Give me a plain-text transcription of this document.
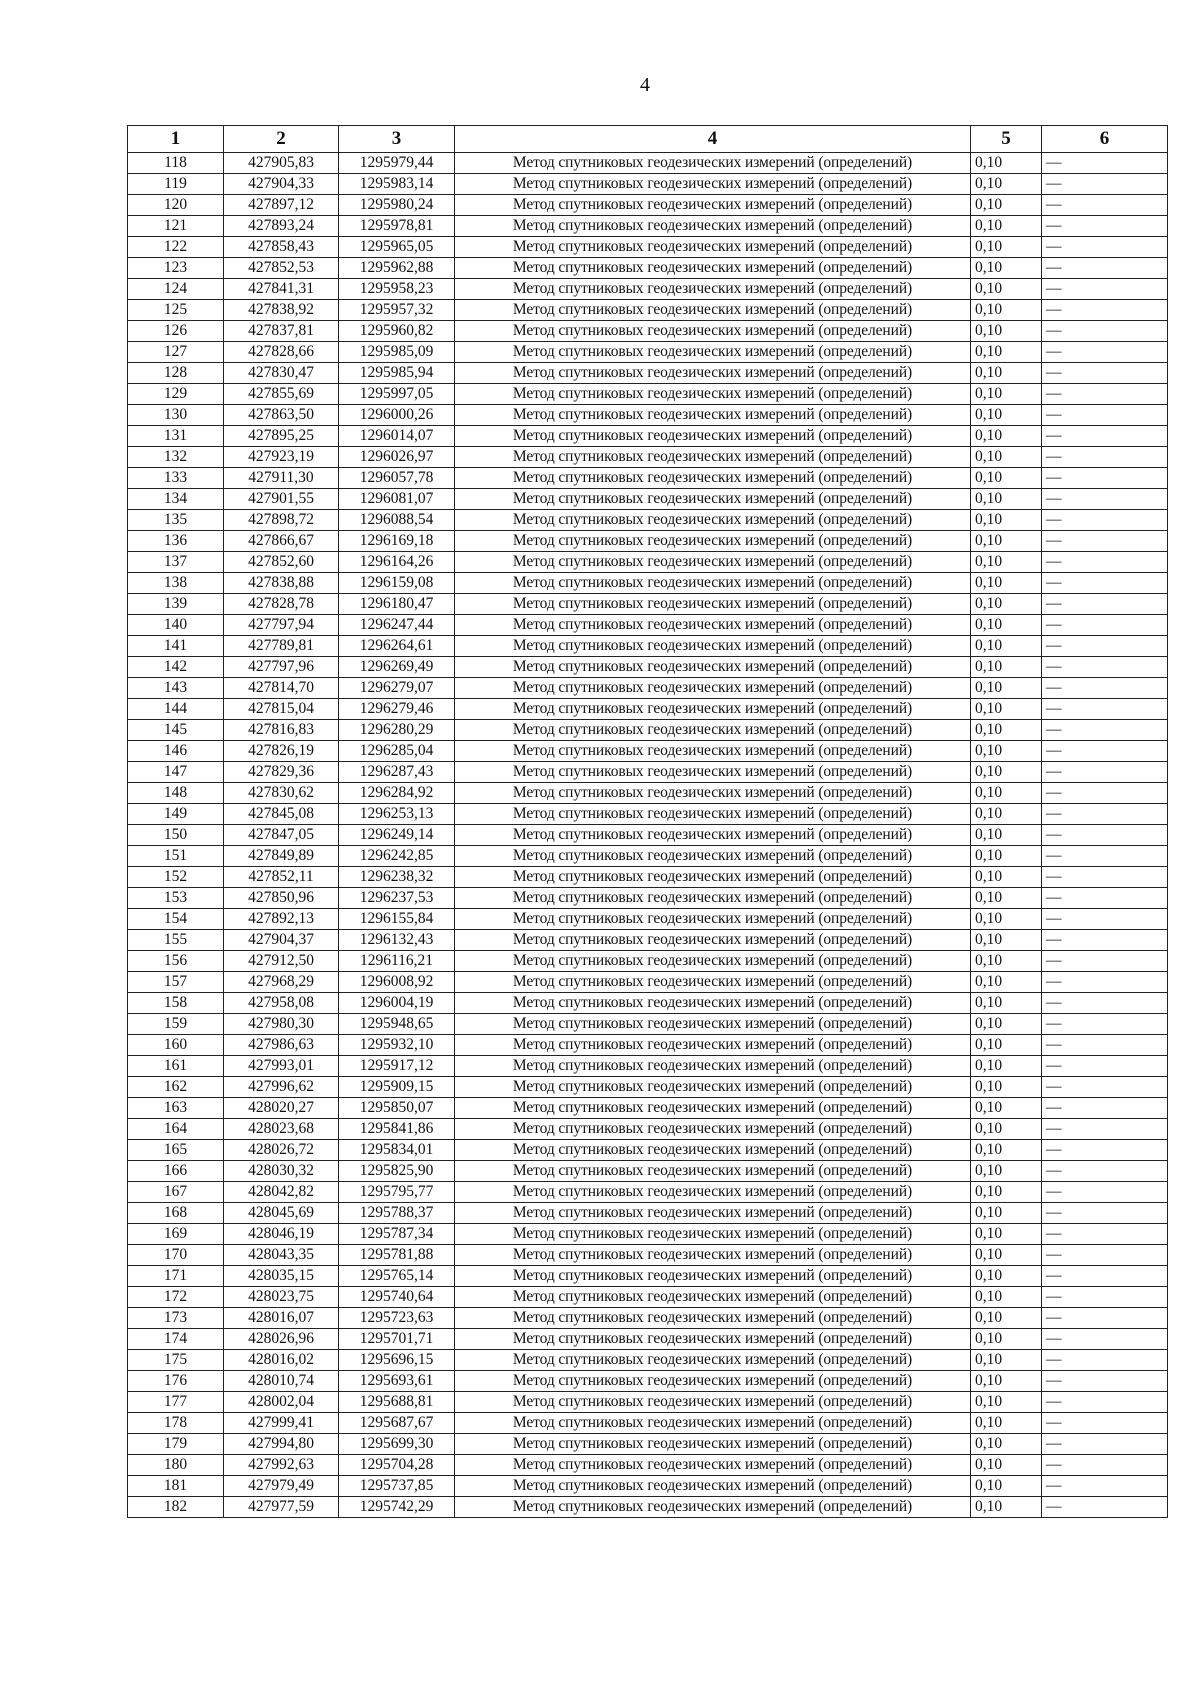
4
1	2	3	4	5	6
118	427905,83	1295979,44	Метод спутниковых геодезических измерений (определений)	0,10	—
119	427904,33	1295983,14	Метод спутниковых геодезических измерений (определений)	0,10	—
120	427897,12	1295980,24	Метод спутниковых геодезических измерений (определений)	0,10	—
121	427893,24	1295978,81	Метод спутниковых геодезических измерений (определений)	0,10	—
122	427858,43	1295965,05	Метод спутниковых геодезических измерений (определений)	0,10	—
123	427852,53	1295962,88	Метод спутниковых геодезических измерений (определений)	0,10	—
124	427841,31	1295958,23	Метод спутниковых геодезических измерений (определений)	0,10	—
125	427838,92	1295957,32	Метод спутниковых геодезических измерений (определений)	0,10	—
126	427837,81	1295960,82	Метод спутниковых геодезических измерений (определений)	0,10	—
127	427828,66	1295985,09	Метод спутниковых геодезических измерений (определений)	0,10	—
128	427830,47	1295985,94	Метод спутниковых геодезических измерений (определений)	0,10	—
129	427855,69	1295997,05	Метод спутниковых геодезических измерений (определений)	0,10	—
130	427863,50	1296000,26	Метод спутниковых геодезических измерений (определений)	0,10	—
131	427895,25	1296014,07	Метод спутниковых геодезических измерений (определений)	0,10	—
132	427923,19	1296026,97	Метод спутниковых геодезических измерений (определений)	0,10	—
133	427911,30	1296057,78	Метод спутниковых геодезических измерений (определений)	0,10	—
134	427901,55	1296081,07	Метод спутниковых геодезических измерений (определений)	0,10	—
135	427898,72	1296088,54	Метод спутниковых геодезических измерений (определений)	0,10	—
136	427866,67	1296169,18	Метод спутниковых геодезических измерений (определений)	0,10	—
137	427852,60	1296164,26	Метод спутниковых геодезических измерений (определений)	0,10	—
138	427838,88	1296159,08	Метод спутниковых геодезических измерений (определений)	0,10	—
139	427828,78	1296180,47	Метод спутниковых геодезических измерений (определений)	0,10	—
140	427797,94	1296247,44	Метод спутниковых геодезических измерений (определений)	0,10	—
141	427789,81	1296264,61	Метод спутниковых геодезических измерений (определений)	0,10	—
142	427797,96	1296269,49	Метод спутниковых геодезических измерений (определений)	0,10	—
143	427814,70	1296279,07	Метод спутниковых геодезических измерений (определений)	0,10	—
144	427815,04	1296279,46	Метод спутниковых геодезических измерений (определений)	0,10	—
145	427816,83	1296280,29	Метод спутниковых геодезических измерений (определений)	0,10	—
146	427826,19	1296285,04	Метод спутниковых геодезических измерений (определений)	0,10	—
147	427829,36	1296287,43	Метод спутниковых геодезических измерений (определений)	0,10	—
148	427830,62	1296284,92	Метод спутниковых геодезических измерений (определений)	0,10	—
149	427845,08	1296253,13	Метод спутниковых геодезических измерений (определений)	0,10	—
150	427847,05	1296249,14	Метод спутниковых геодезических измерений (определений)	0,10	—
151	427849,89	1296242,85	Метод спутниковых геодезических измерений (определений)	0,10	—
152	427852,11	1296238,32	Метод спутниковых геодезических измерений (определений)	0,10	—
153	427850,96	1296237,53	Метод спутниковых геодезических измерений (определений)	0,10	—
154	427892,13	1296155,84	Метод спутниковых геодезических измерений (определений)	0,10	—
155	427904,37	1296132,43	Метод спутниковых геодезических измерений (определений)	0,10	—
156	427912,50	1296116,21	Метод спутниковых геодезических измерений (определений)	0,10	—
157	427968,29	1296008,92	Метод спутниковых геодезических измерений (определений)	0,10	—
158	427958,08	1296004,19	Метод спутниковых геодезических измерений (определений)	0,10	—
159	427980,30	1295948,65	Метод спутниковых геодезических измерений (определений)	0,10	—
160	427986,63	1295932,10	Метод спутниковых геодезических измерений (определений)	0,10	—
161	427993,01	1295917,12	Метод спутниковых геодезических измерений (определений)	0,10	—
162	427996,62	1295909,15	Метод спутниковых геодезических измерений (определений)	0,10	—
163	428020,27	1295850,07	Метод спутниковых геодезических измерений (определений)	0,10	—
164	428023,68	1295841,86	Метод спутниковых геодезических измерений (определений)	0,10	—
165	428026,72	1295834,01	Метод спутниковых геодезических измерений (определений)	0,10	—
166	428030,32	1295825,90	Метод спутниковых геодезических измерений (определений)	0,10	—
167	428042,82	1295795,77	Метод спутниковых геодезических измерений (определений)	0,10	—
168	428045,69	1295788,37	Метод спутниковых геодезических измерений (определений)	0,10	—
169	428046,19	1295787,34	Метод спутниковых геодезических измерений (определений)	0,10	—
170	428043,35	1295781,88	Метод спутниковых геодезических измерений (определений)	0,10	—
171	428035,15	1295765,14	Метод спутниковых геодезических измерений (определений)	0,10	—
172	428023,75	1295740,64	Метод спутниковых геодезических измерений (определений)	0,10	—
173	428016,07	1295723,63	Метод спутниковых геодезических измерений (определений)	0,10	—
174	428026,96	1295701,71	Метод спутниковых геодезических измерений (определений)	0,10	—
175	428016,02	1295696,15	Метод спутниковых геодезических измерений (определений)	0,10	—
176	428010,74	1295693,61	Метод спутниковых геодезических измерений (определений)	0,10	—
177	428002,04	1295688,81	Метод спутниковых геодезических измерений (определений)	0,10	—
178	427999,41	1295687,67	Метод спутниковых геодезических измерений (определений)	0,10	—
179	427994,80	1295699,30	Метод спутниковых геодезических измерений (определений)	0,10	—
180	427992,63	1295704,28	Метод спутниковых геодезических измерений (определений)	0,10	—
181	427979,49	1295737,85	Метод спутниковых геодезических измерений (определений)	0,10	—
182	427977,59	1295742,29	Метод спутниковых геодезических измерений (определений)	0,10	—
